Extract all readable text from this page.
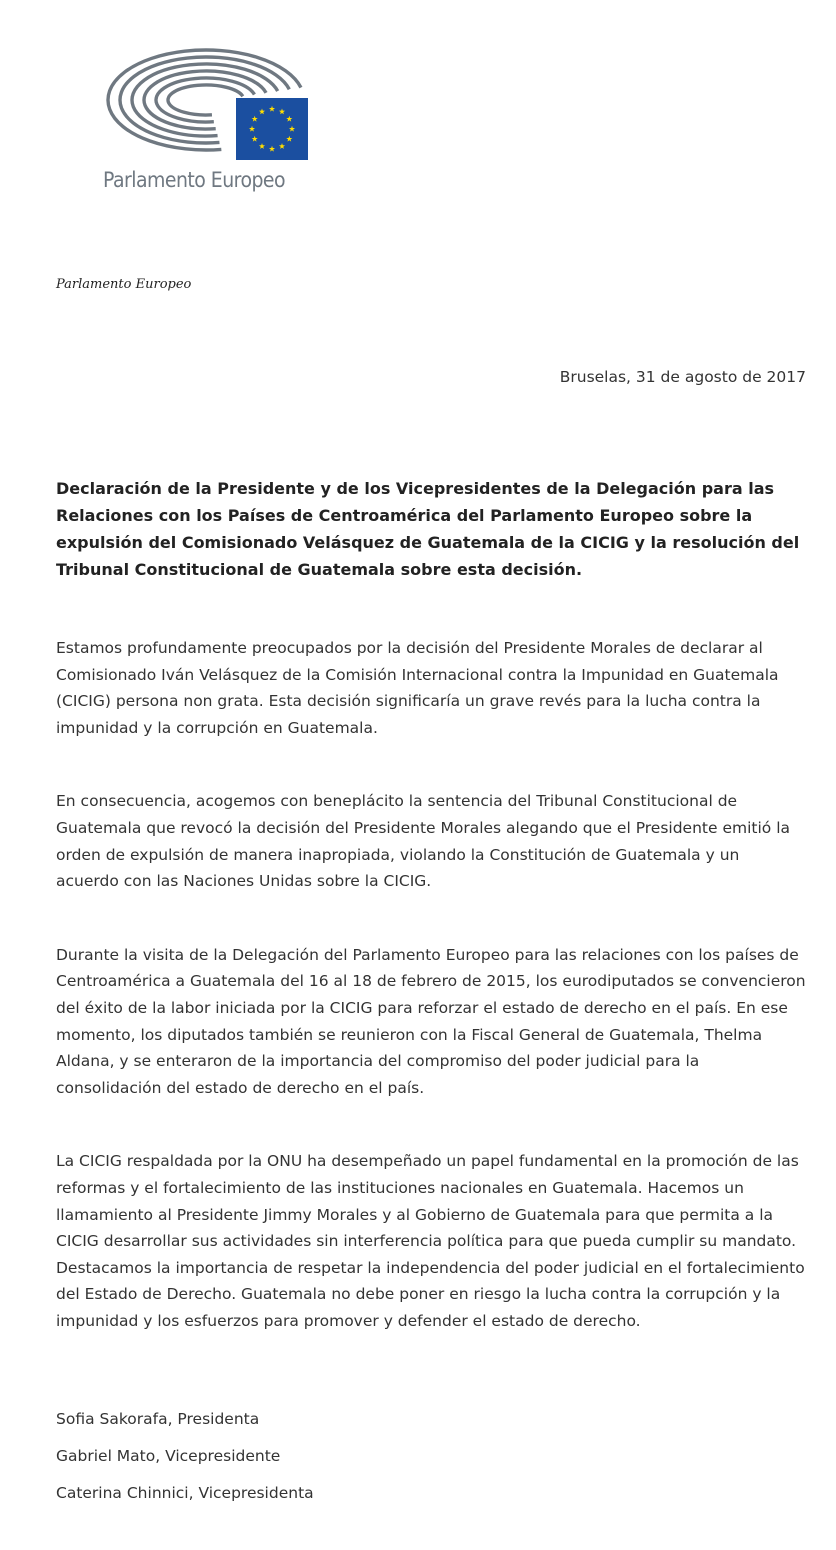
Parlamento Europeo
Parlamento Europeo
Bruselas, 31 de agosto de 2017
Declaración de la Presidente y de los Vicepresidentes de la Delegación para las Relaciones con los Países de Centroamérica del Parlamento Europeo sobre la expulsión del Comisionado Velásquez de Guatemala de la CICIG y la resolución del Tribunal Constitucional de Guatemala sobre esta decisión.
Estamos profundamente preocupados por la decisión del Presidente Morales de declarar al Comisionado Iván Velásquez de la Comisión Internacional contra la Impunidad en Guatemala (CICIG) persona non grata. Esta decisión significaría un grave revés para la lucha contra la impunidad y la corrupción en Guatemala.
En consecuencia, acogemos con beneplácito la sentencia del Tribunal Constitucional de Guatemala que revocó la decisión del Presidente Morales alegando que el Presidente emitió la orden de expulsión de manera inapropiada, violando la Constitución de Guatemala y un acuerdo con las Naciones Unidas sobre la CICIG.
Durante la visita de la Delegación del Parlamento Europeo para las relaciones con los países de Centroamérica a Guatemala del 16 al 18 de febrero de 2015, los eurodiputados se convencieron del éxito de la labor iniciada por la CICIG para reforzar el estado de derecho en el país. En ese momento, los diputados también se reunieron con la Fiscal General de Guatemala, Thelma Aldana, y se enteraron de la importancia del compromiso del poder judicial para la consolidación del estado de derecho en el país.
La CICIG respaldada por la ONU ha desempeñado un papel fundamental en la promoción de las reformas y el fortalecimiento de las instituciones nacionales en Guatemala. Hacemos un llamamiento al Presidente Jimmy Morales y al Gobierno de Guatemala para que permita a la CICIG desarrollar sus actividades sin interferencia política para que pueda cumplir su mandato. Destacamos la importancia de respetar la independencia del poder judicial en el fortalecimiento del Estado de Derecho. Guatemala no debe poner en riesgo la lucha contra la corrupción y la impunidad y los esfuerzos para promover y defender el estado de derecho.
Sofia Sakorafa, Presidenta
Gabriel Mato, Vicepresidente
Caterina Chinnici, Vicepresidenta
